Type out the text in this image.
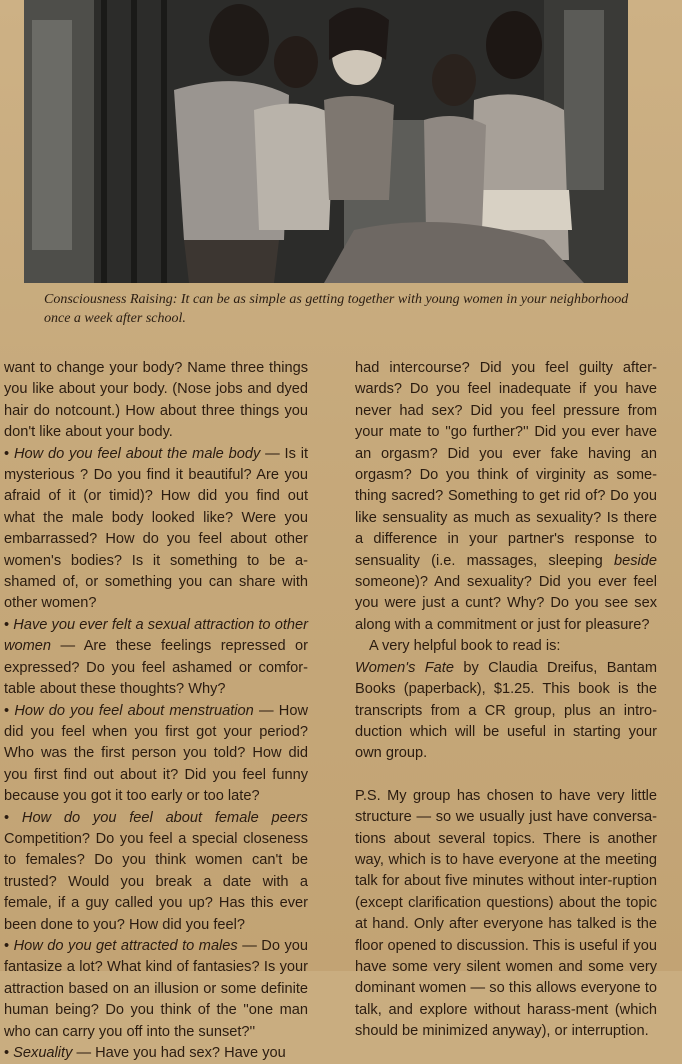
Consciousness Raising: It can be as simple as getting together with young women in your neighborhood once a week after school.

want to change your body? Name three things you like about your body. (Nose jobs and dyed hair do notcount.) How about three things you don't like about your body.

• How do you feel about the male body — Is it mysterious ? Do you find it beautiful? Are you afraid of it (or timid)? How did you find out what the male body looked like? Were you embarrassed? How do you feel about other women's bodies? Is it something to be a-shamed of, or something you can share with other women?

• Have you ever felt a sexual attraction to other women — Are these feelings repressed or expressed? Do you feel ashamed or comfor-table about these thoughts? Why?

• How do you feel about menstruation — How did you feel when you first got your period? Who was the first person you told? How did you first find out about it? Did you feel funny because you got it too early or too late?

• How do you feel about female peers Competition? Do you feel a special closeness to females? Do you think women can't be trusted? Would you break a date with a female, if a guy called you up? Has this ever been done to you? How did you feel?

• How do you get attracted to males — Do you fantasize a lot? What kind of fantasies? Is your attraction based on an illusion or some definite human being? Do you think of the ''one man who can carry you off into the sunset?''

• Sexuality — Have you had sex? Have you

had intercourse? Did you feel guilty after-wards? Do you feel inadequate if you have never had sex? Did you feel pressure from your mate to ''go further?'' Did you ever have an orgasm? Did you ever fake having an orgasm? Do you think of virginity as some-thing sacred? Something to get rid of? Do you like sensuality as much as sexuality? Is there a difference in your partner's response to sensuality (i.e. massages, sleeping beside someone)? And sexuality? Did you ever feel you were just a cunt? Why? Do you see sex along with a commitment or just for pleasure?

A very helpful book to read is:

Women's Fate by Claudia Dreifus, Bantam Books (paperback), $1.25. This book is the transcripts from a CR group, plus an intro-duction which will be useful in starting your own group.

P.S. My group has chosen to have very little structure — so we usually just have conversa-tions about several topics. There is another way, which is to have everyone at the meeting talk for about five minutes without inter-ruption (except clarification questions) about the topic at hand. Only after everyone has talked is the floor opened to discussion. This is useful if you have some very silent women and some very dominant women — so this allows everyone to talk, and explore without harass-ment (which should be minimized anyway), or interruption.
